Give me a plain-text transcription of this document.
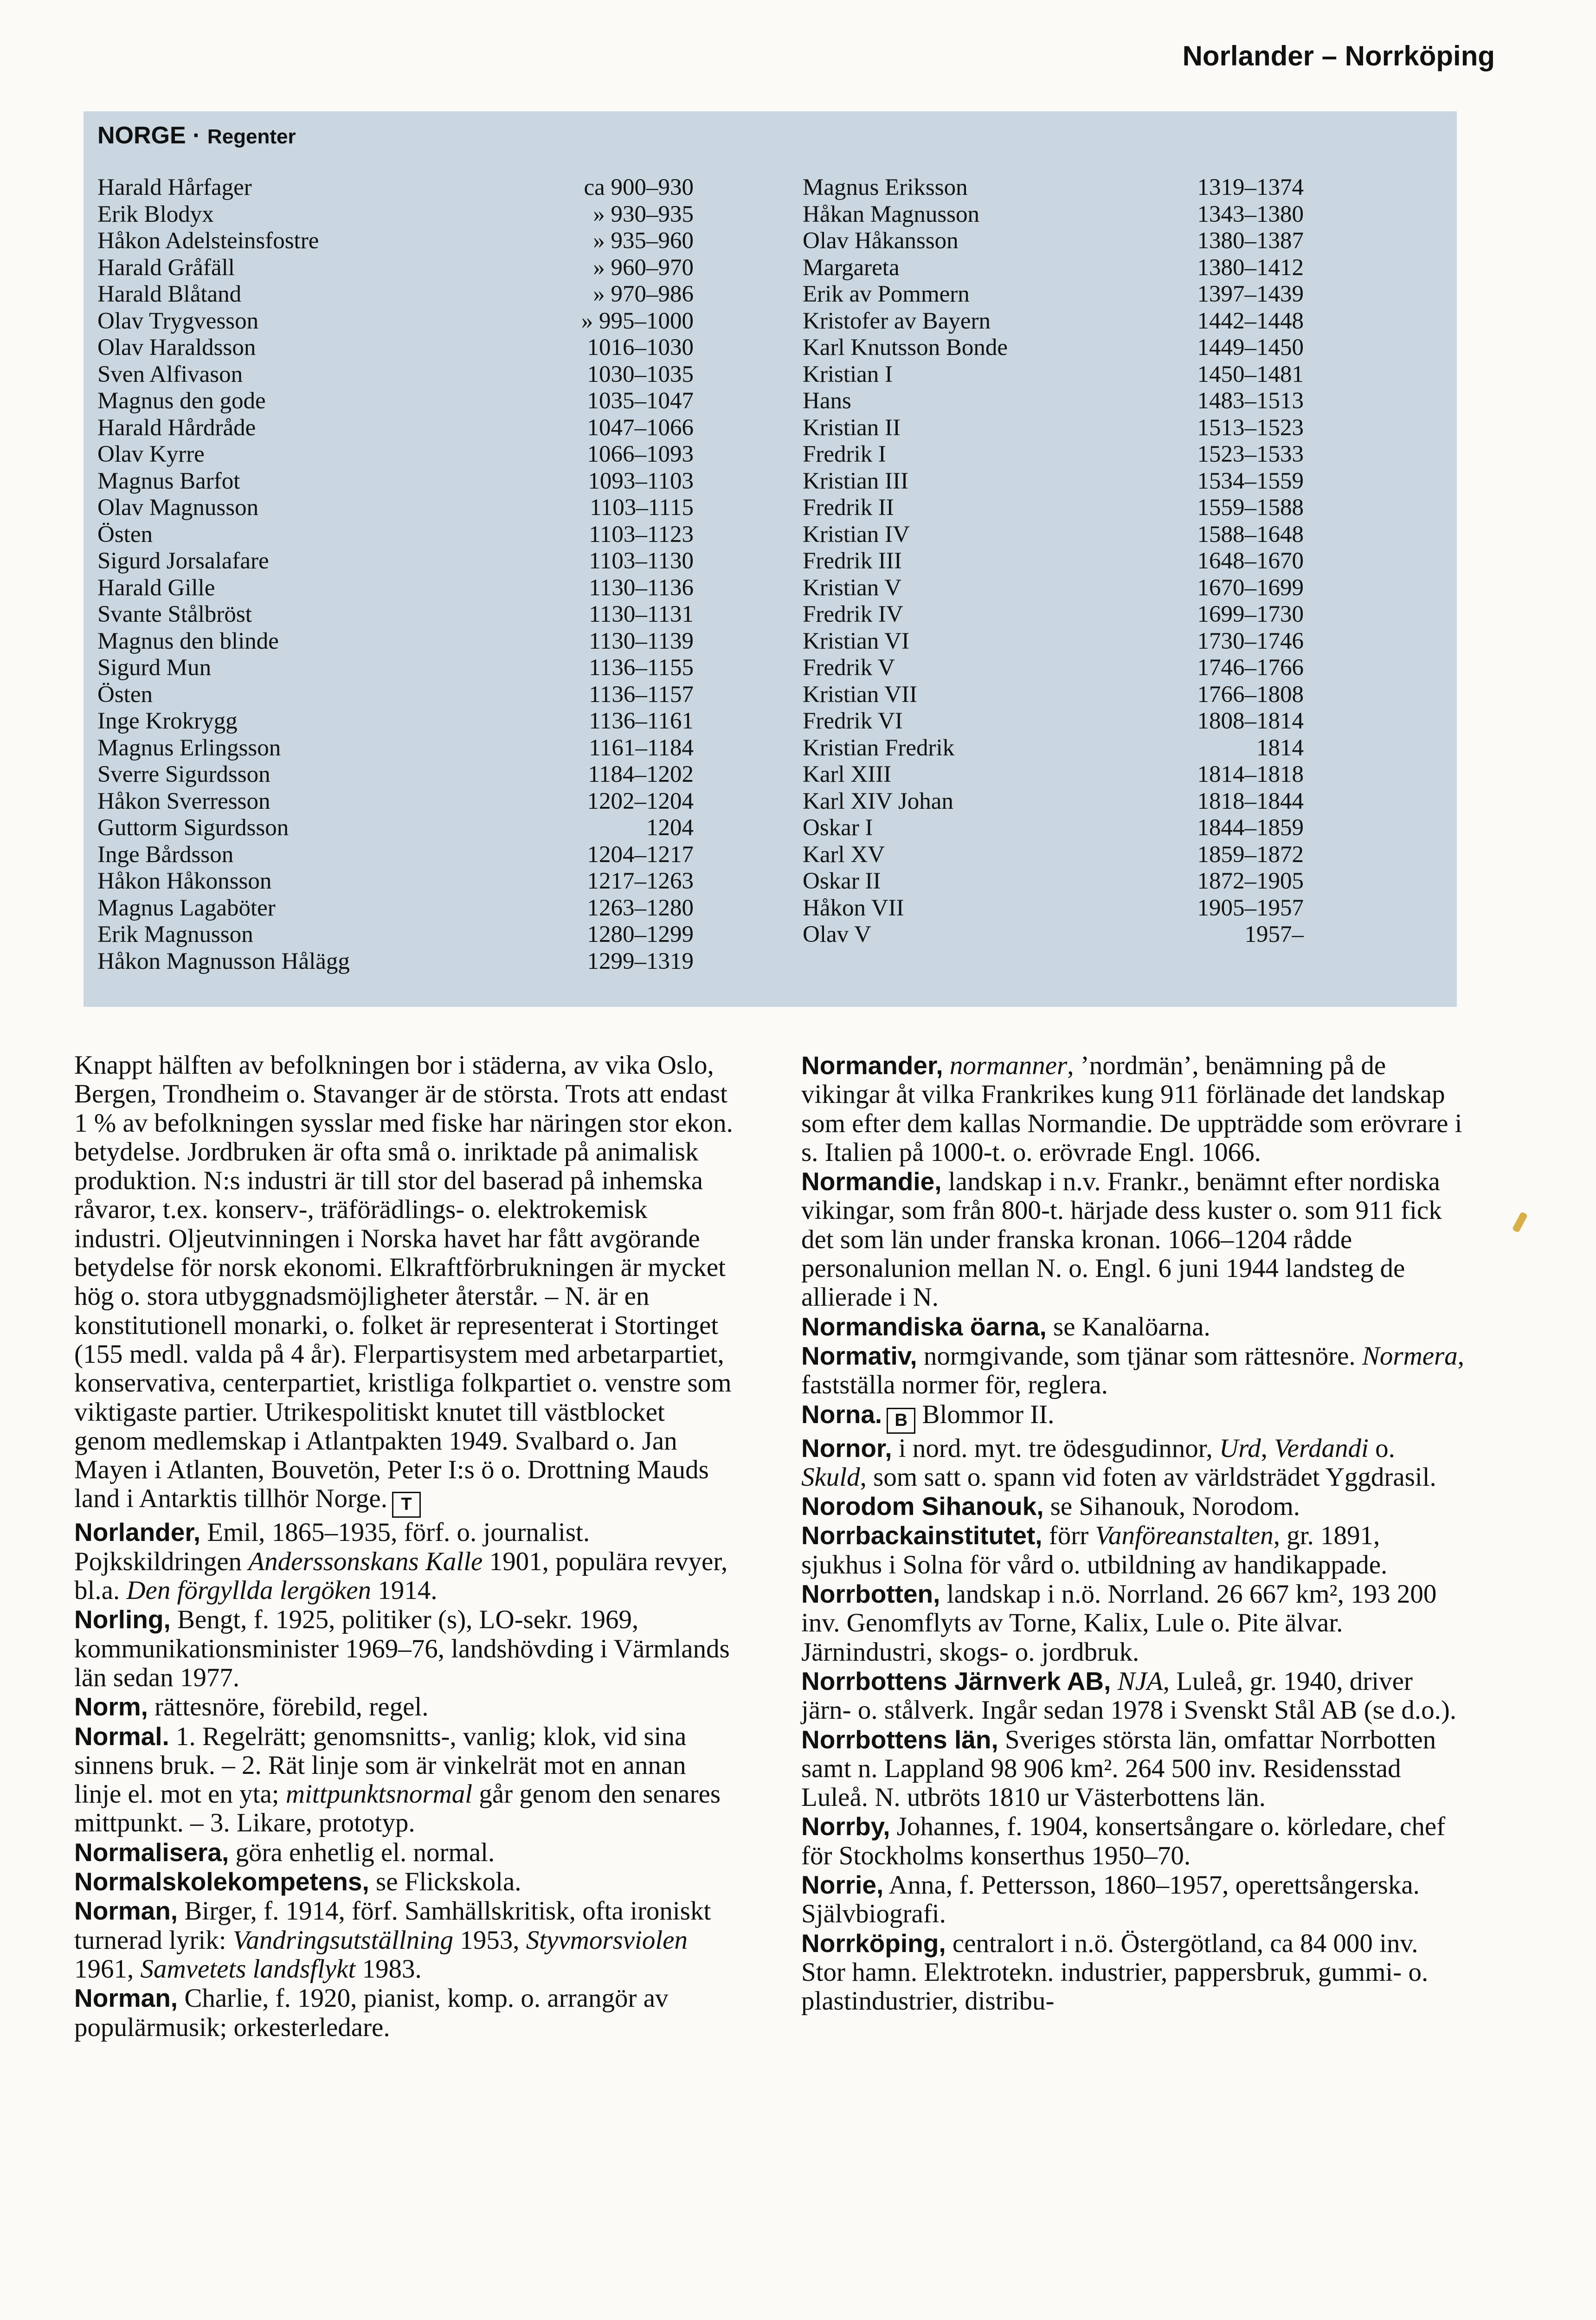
Norlander – Norrköping
NORGE · Regenter
Harald Hårfager	ca 900–930
Erik Blodyx	» 930–935
Håkon Adelsteinsfostre	» 935–960
Harald Gråfäll	» 960–970
Harald Blåtand	» 970–986
Olav Trygvesson	» 995–1000
Olav Haraldsson	1016–1030
Sven Alfivason	1030–1035
Magnus den gode	1035–1047
Harald Hårdråde	1047–1066
Olav Kyrre	1066–1093
Magnus Barfot	1093–1103
Olav Magnusson	1103–1115
Östen	1103–1123
Sigurd Jorsalafare	1103–1130
Harald Gille	1130–1136
Svante Stålbröst	1130–1131
Magnus den blinde	1130–1139
Sigurd Mun	1136–1155
Östen	1136–1157
Inge Krokrygg	1136–1161
Magnus Erlingsson	1161–1184
Sverre Sigurdsson	1184–1202
Håkon Sverresson	1202–1204
Guttorm Sigurdsson	1204
Inge Bårdsson	1204–1217
Håkon Håkonsson	1217–1263
Magnus Lagaböter	1263–1280
Erik Magnusson	1280–1299
Håkon Magnusson Hålägg	1299–1319
Magnus Eriksson	1319–1374
Håkan Magnusson	1343–1380
Olav Håkansson	1380–1387
Margareta	1380–1412
Erik av Pommern	1397–1439
Kristofer av Bayern	1442–1448
Karl Knutsson Bonde	1449–1450
Kristian I	1450–1481
Hans	1483–1513
Kristian II	1513–1523
Fredrik I	1523–1533
Kristian III	1534–1559
Fredrik II	1559–1588
Kristian IV	1588–1648
Fredrik III	1648–1670
Kristian V	1670–1699
Fredrik IV	1699–1730
Kristian VI	1730–1746
Fredrik V	1746–1766
Kristian VII	1766–1808
Fredrik VI	1808–1814
Kristian Fredrik	1814
Karl XIII	1814–1818
Karl XIV Johan	1818–1844
Oskar I	1844–1859
Karl XV	1859–1872
Oskar II	1872–1905
Håkon VII	1905–1957
Olav V	1957–

Knappt hälften av befolkningen bor i städerna, av vika Oslo, Bergen, Trondheim o. Stavanger är de största. Trots att endast 1 % av befolkningen sysslar med fiske har näringen stor ekon. betydelse. Jordbruken är ofta små o. inriktade på animalisk produktion. N:s industri är till stor del baserad på inhemska råvaror, t.ex. konserv-, träförädlings- o. elektrokemisk industri. Oljeutvinningen i Norska havet har fått avgörande betydelse för norsk ekonomi. Elkraftförbrukningen är mycket hög o. stora utbyggnadsmöjligheter återstår. – N. är en konstitutionell monarki, o. folket är representerat i Stortinget (155 medl. valda på 4 år). Flerpartisystem med arbetarpartiet, konservativa, centerpartiet, kristliga folkpartiet o. venstre som viktigaste partier. Utrikespolitiskt knutet till västblocket genom medlemskap i Atlantpakten 1949. Svalbard o. Jan Mayen i Atlanten, Bouvetön, Peter I:s ö o. Drottning Mauds land i Antarktis tillhör Norge. T

Norlander, Emil, 1865–1935, förf. o. journalist. Pojkskildringen Anderssonskans Kalle 1901, populära revyer, bl.a. Den förgyllda lergöken 1914.

Norling, Bengt, f. 1925, politiker (s), LO-sekr. 1969, kommunikationsminister 1969–76, landshövding i Värmlands län sedan 1977.

Norm, rättesnöre, förebild, regel.

Normal. 1. Regelrätt; genomsnitts-, vanlig; klok, vid sina sinnens bruk. – 2. Rät linje som är vinkelrät mot en annan linje el. mot en yta; mittpunktsnormal går genom den senares mittpunkt. – 3. Likare, prototyp.

Normalisera, göra enhetlig el. normal.

Normalskolekompetens, se Flickskola.

Norman, Birger, f. 1914, förf. Samhällskritisk, ofta ironiskt turnerad lyrik: Vandringsutställning 1953, Styvmorsviolen 1961, Samvetets landsflykt 1983.

Norman, Charlie, f. 1920, pianist, komp. o. arrangör av populärmusik; orkesterledare.

Normander, normanner, ’nordmän’, benämning på de vikingar åt vilka Frankrikes kung 911 förlänade det landskap som efter dem kallas Normandie. De uppträdde som erövrare i s. Italien på 1000-t. o. erövrade Engl. 1066.

Normandie, landskap i n.v. Frankr., benämnt efter nordiska vikingar, som från 800-t. härjade dess kuster o. som 911 fick det som län under franska kronan. 1066–1204 rådde personalunion mellan N. o. Engl. 6 juni 1944 landsteg de allierade i N.

Normandiska öarna, se Kanalöarna.

Normativ, normgivande, som tjänar som rättesnöre. Normera, fastställa normer för, reglera.

Norna. B Blommor II.

Nornor, i nord. myt. tre ödesgudinnor, Urd, Verdandi o. Skuld, som satt o. spann vid foten av världsträdet Yggdrasil.

Norodom Sihanouk, se Sihanouk, Norodom.

Norrbackainstitutet, förr Vanföreanstalten, gr. 1891, sjukhus i Solna för vård o. utbildning av handikappade.

Norrbotten, landskap i n.ö. Norrland. 26 667 km², 193 200 inv. Genomflyts av Torne, Kalix, Lule o. Pite älvar. Järnindustri, skogs- o. jordbruk.

Norrbottens Järnverk AB, NJA, Luleå, gr. 1940, driver järn- o. stålverk. Ingår sedan 1978 i Svenskt Stål AB (se d.o.).

Norrbottens län, Sveriges största län, omfattar Norrbotten samt n. Lappland 98 906 km². 264 500 inv. Residensstad Luleå. N. utbröts 1810 ur Västerbottens län.

Norrby, Johannes, f. 1904, konsertsångare o. körledare, chef för Stockholms konserthus 1950–70.

Norrie, Anna, f. Pettersson, 1860–1957, operettsångerska. Självbiografi.

Norrköping, centralort i n.ö. Östergötland, ca 84 000 inv. Stor hamn. Elektrotekn. industrier, pappersbruk, gummi- o. plastindustrier, distribu-
